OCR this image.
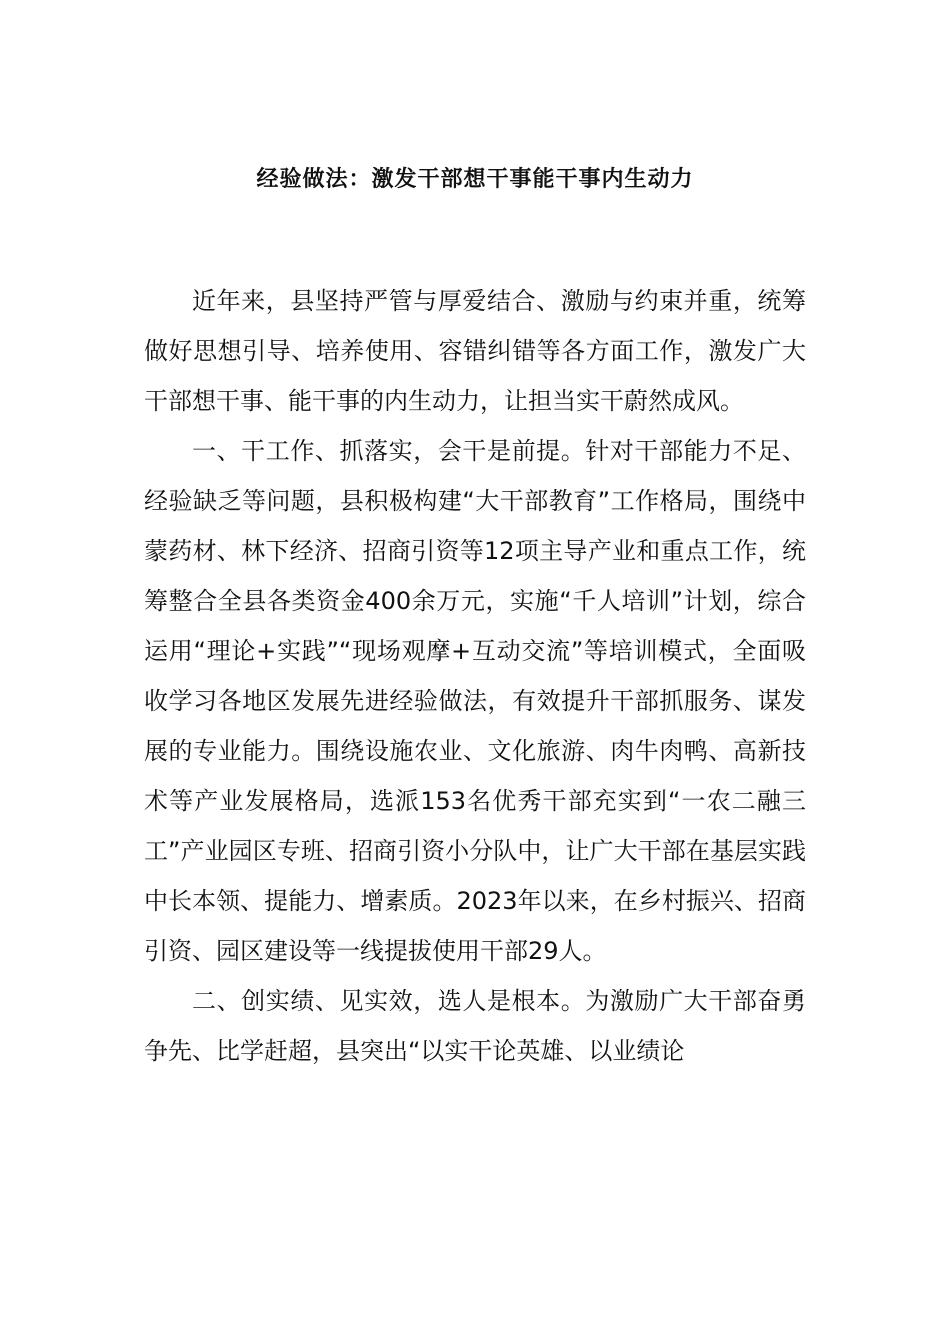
经验做法：激发干部想干事能干事内生动力

近年来，县坚持严管与厚爱结合、激励与约束并重，统筹做好思想引导、培养使用、容错纠错等各方面工作，激发广大干部想干事、能干事的内生动力，让担当实干蔚然成风。

一、干工作、抓落实，会干是前提。针对干部能力不足、经验缺乏等问题，县积极构建“大干部教育”工作格局，围绕中蒙药材、林下经济、招商引资等12项主导产业和重点工作，统筹整合全县各类资金400余万元，实施“千人培训”计划，综合运用“理论+实践”“现场观摩+互动交流”等培训模式，全面吸收学习各地区发展先进经验做法，有效提升干部抓服务、谋发展的专业能力。围绕设施农业、文化旅游、肉牛肉鸭、高新技术等产业发展格局，选派153名优秀干部充实到“一农二融三工”产业园区专班、招商引资小分队中，让广大干部在基层实践中长本领、提能力、增素质。2023年以来，在乡村振兴、招商引资、园区建设等一线提拔使用干部29人。

二、创实绩、见实效，选人是根本。为激励广大干部奋勇争先、比学赶超，县突出“以实干论英雄、以业绩论
